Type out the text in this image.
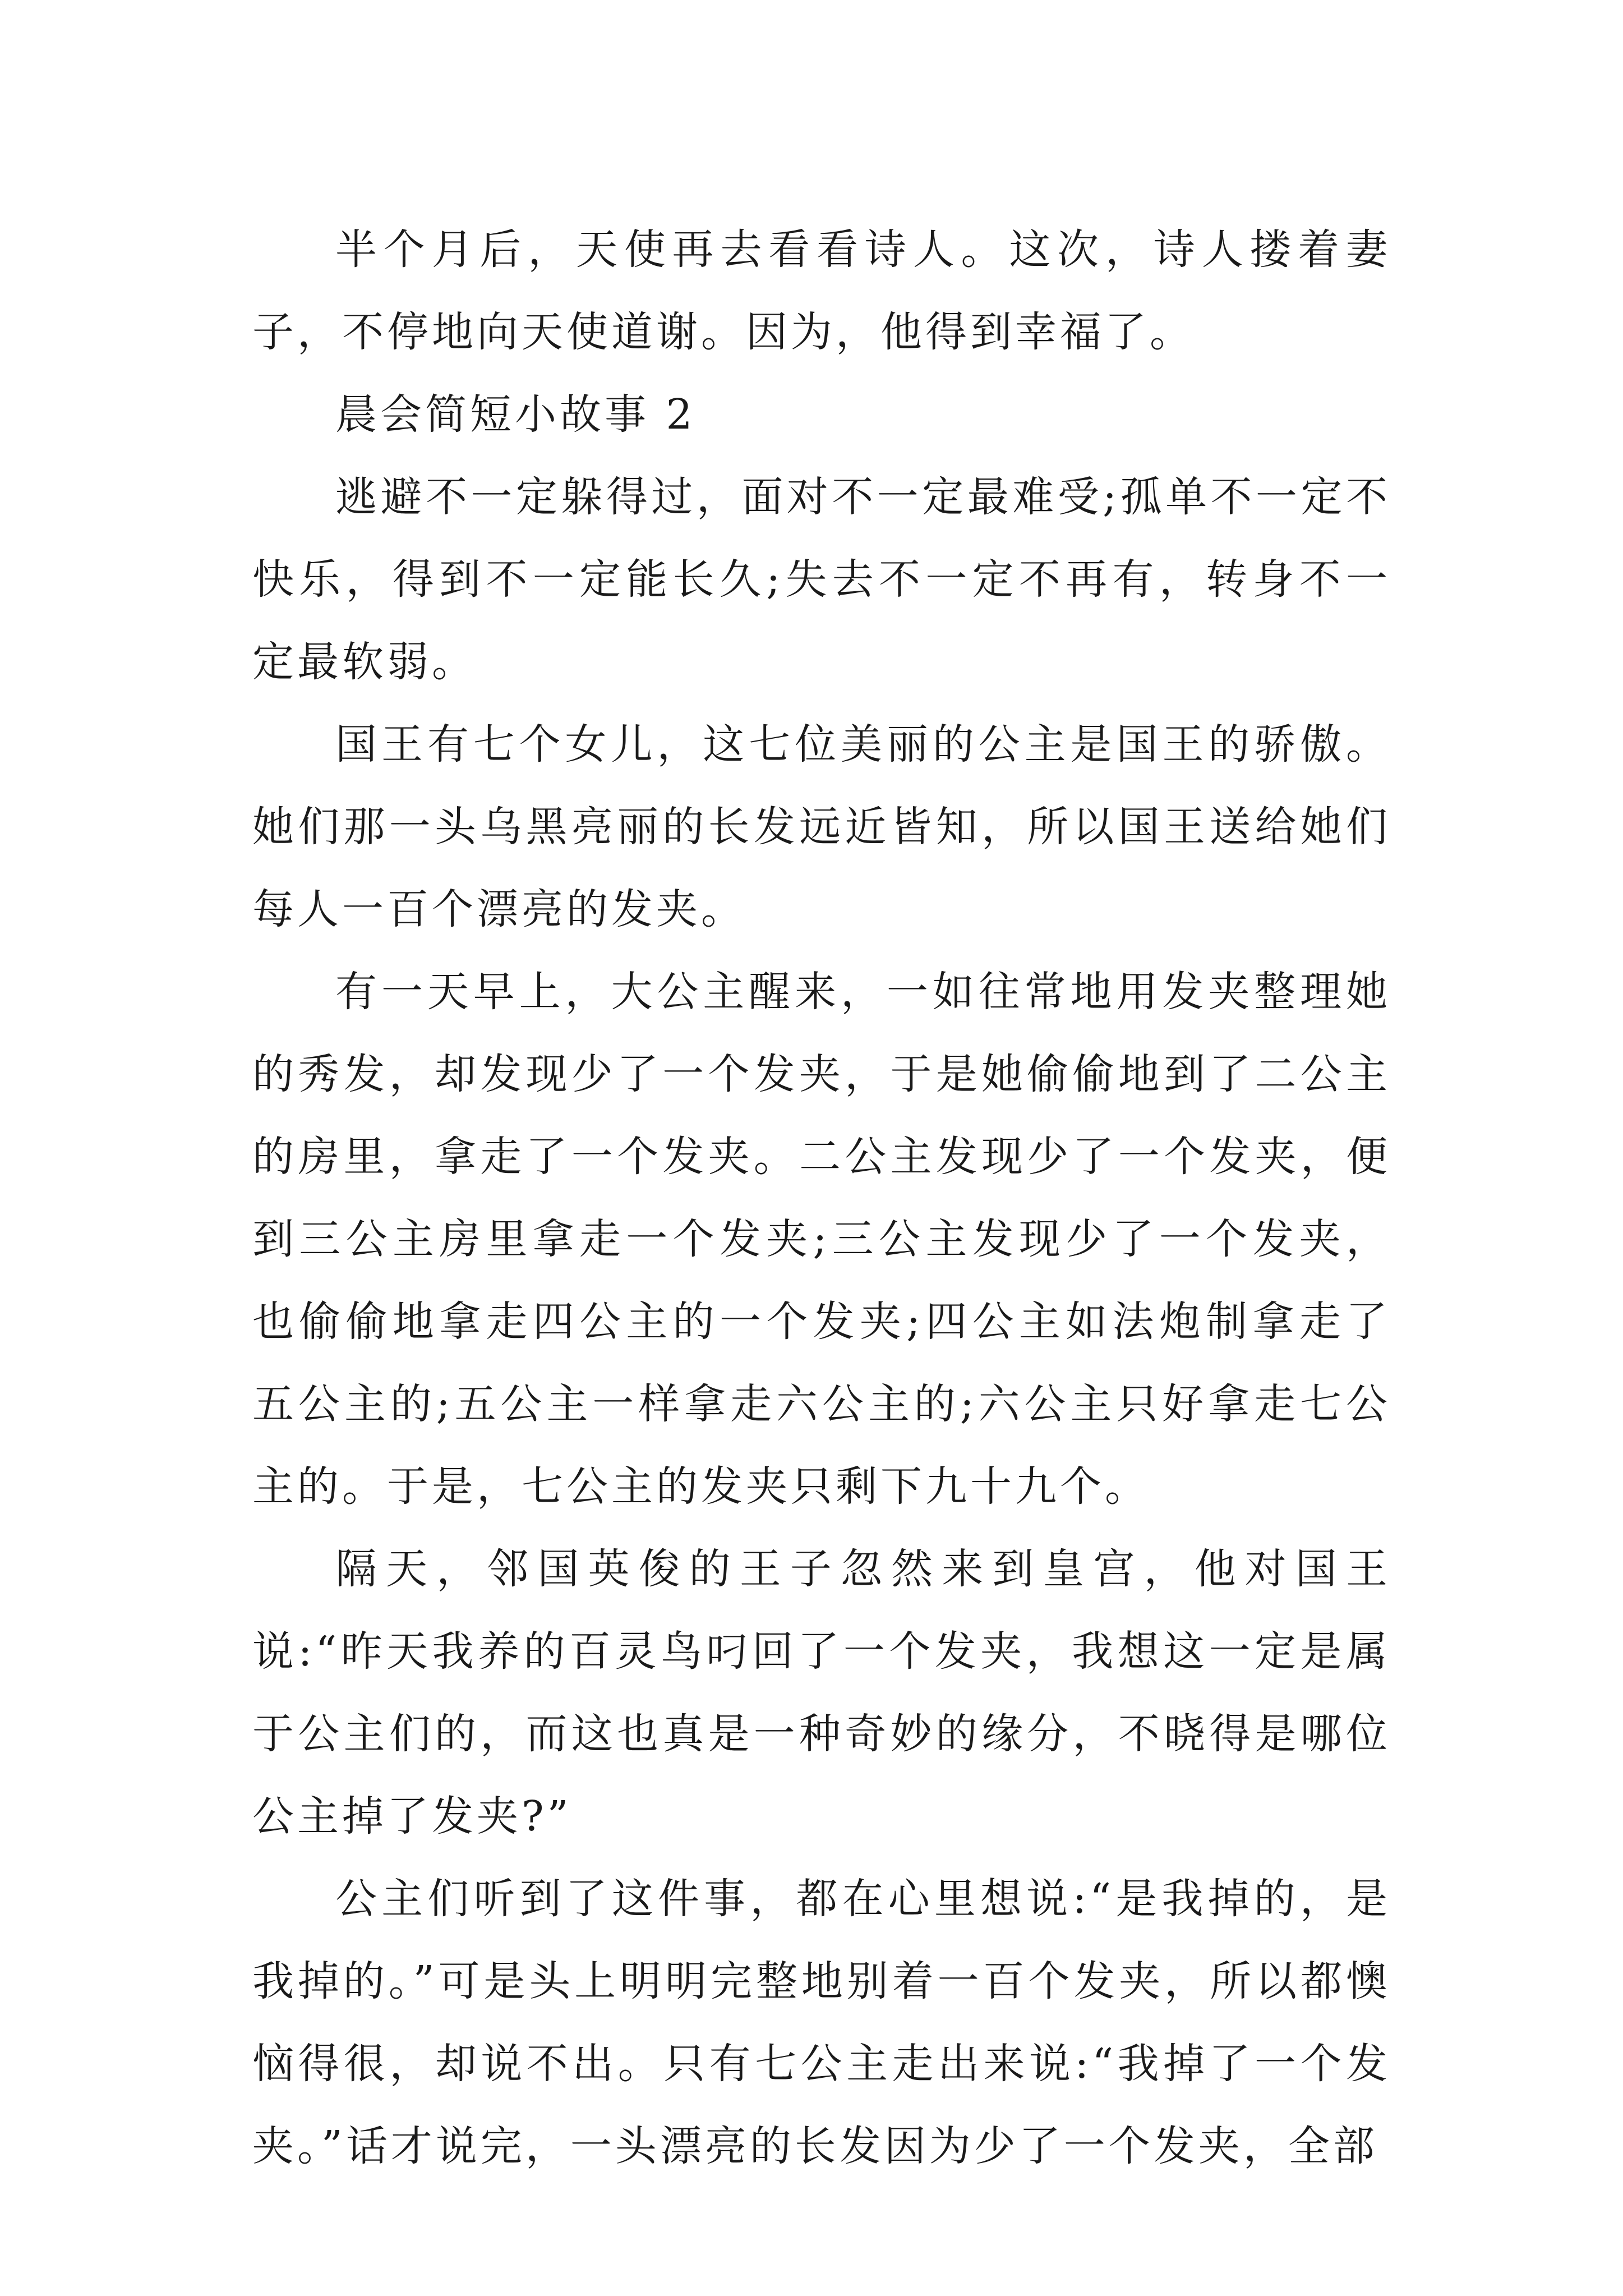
半个月后，天使再去看看诗人。这次，诗人搂着妻子，不停地向天使道谢。因为，他得到幸福了。

晨会简短小故事 2

逃避不一定躲得过，面对不一定最难受;孤单不一定不快乐，得到不一定能长久;失去不一定不再有，转身不一定最软弱。

国王有七个女儿，这七位美丽的公主是国王的骄傲。她们那一头乌黑亮丽的长发远近皆知，所以国王送给她们每人一百个漂亮的发夹。

有一天早上，大公主醒来，一如往常地用发夹整理她的秀发，却发现少了一个发夹，于是她偷偷地到了二公主的房里，拿走了一个发夹。二公主发现少了一个发夹，便到三公主房里拿走一个发夹;三公主发现少了一个发夹，也偷偷地拿走四公主的一个发夹;四公主如法炮制拿走了五公主的;五公主一样拿走六公主的;六公主只好拿走七公主的。于是，七公主的发夹只剩下九十九个。

隔天，邻国英俊的王子忽然来到皇宫，他对国王说:“昨天我养的百灵鸟叼回了一个发夹，我想这一定是属于公主们的，而这也真是一种奇妙的缘分，不晓得是哪位公主掉了发夹?”

公主们听到了这件事，都在心里想说:“是我掉的，是我掉的。”可是头上明明完整地别着一百个发夹，所以都懊恼得很，却说不出。只有七公主走出来说:“我掉了一个发夹。”话才说完，一头漂亮的长发因为少了一个发夹，全部
